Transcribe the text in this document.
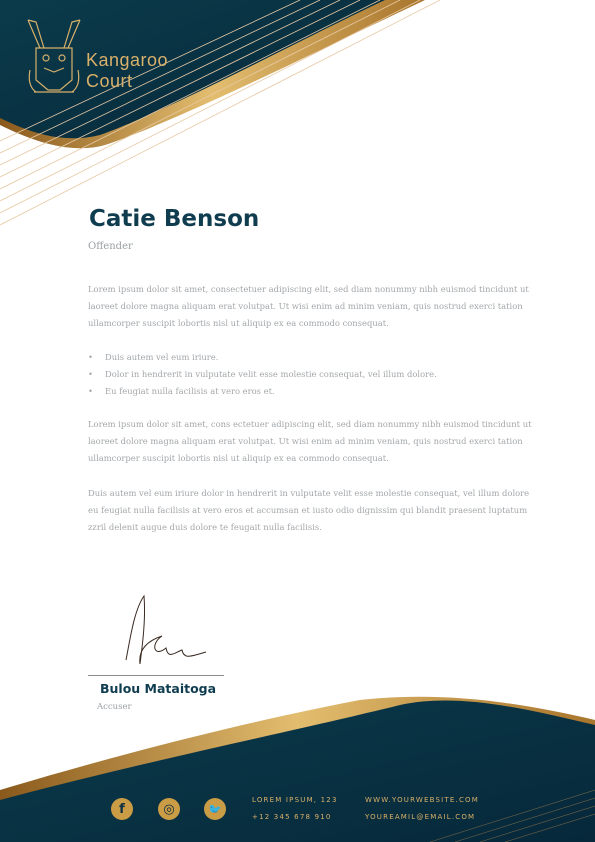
Kangaroo
Court
Catie Benson
Offender
Lorem ipsum dolor sit amet, consectetuer adipiscing elit, sed diam nonummy nibh euismod tincidunt ut laoreet dolore magna aliquam erat volutpat. Ut wisi enim ad minim veniam, quis nostrud exerci tation ullamcorper suscipit lobortis nisl ut aliquip ex ea commodo consequat.
• Duis autem vel eum iriure.
• Dolor in hendrerit in vulputate velit esse molestie consequat, vel illum dolore.
• Eu feugiat nulla facilisis at vero eros et.
Lorem ipsum dolor sit amet, cons ectetuer adipiscing elit, sed diam nonummy nibh euismod tincidunt ut laoreet dolore magna aliquam erat volutpat. Ut wisi enim ad minim veniam, quis nostrud exerci tation ullamcorper suscipit lobortis nisl ut aliquip ex ea commodo consequat.
Duis autem vel eum iriure dolor in hendrerit in vulputate velit esse molestie consequat, vel illum dolore eu feugiat nulla facilisis at vero eros et accumsan et iusto odio dignissim qui blandit praesent luptatum zzril delenit augue duis dolore te feugait nulla facilisis.
Bulou Mataitoga
Accuser
f	◎	🐦
LOREM IPSUM, 123
+12 345 678 910
WWW.YOURWEBSITE.COM
YOUREAMIL@EMAIL.COM
